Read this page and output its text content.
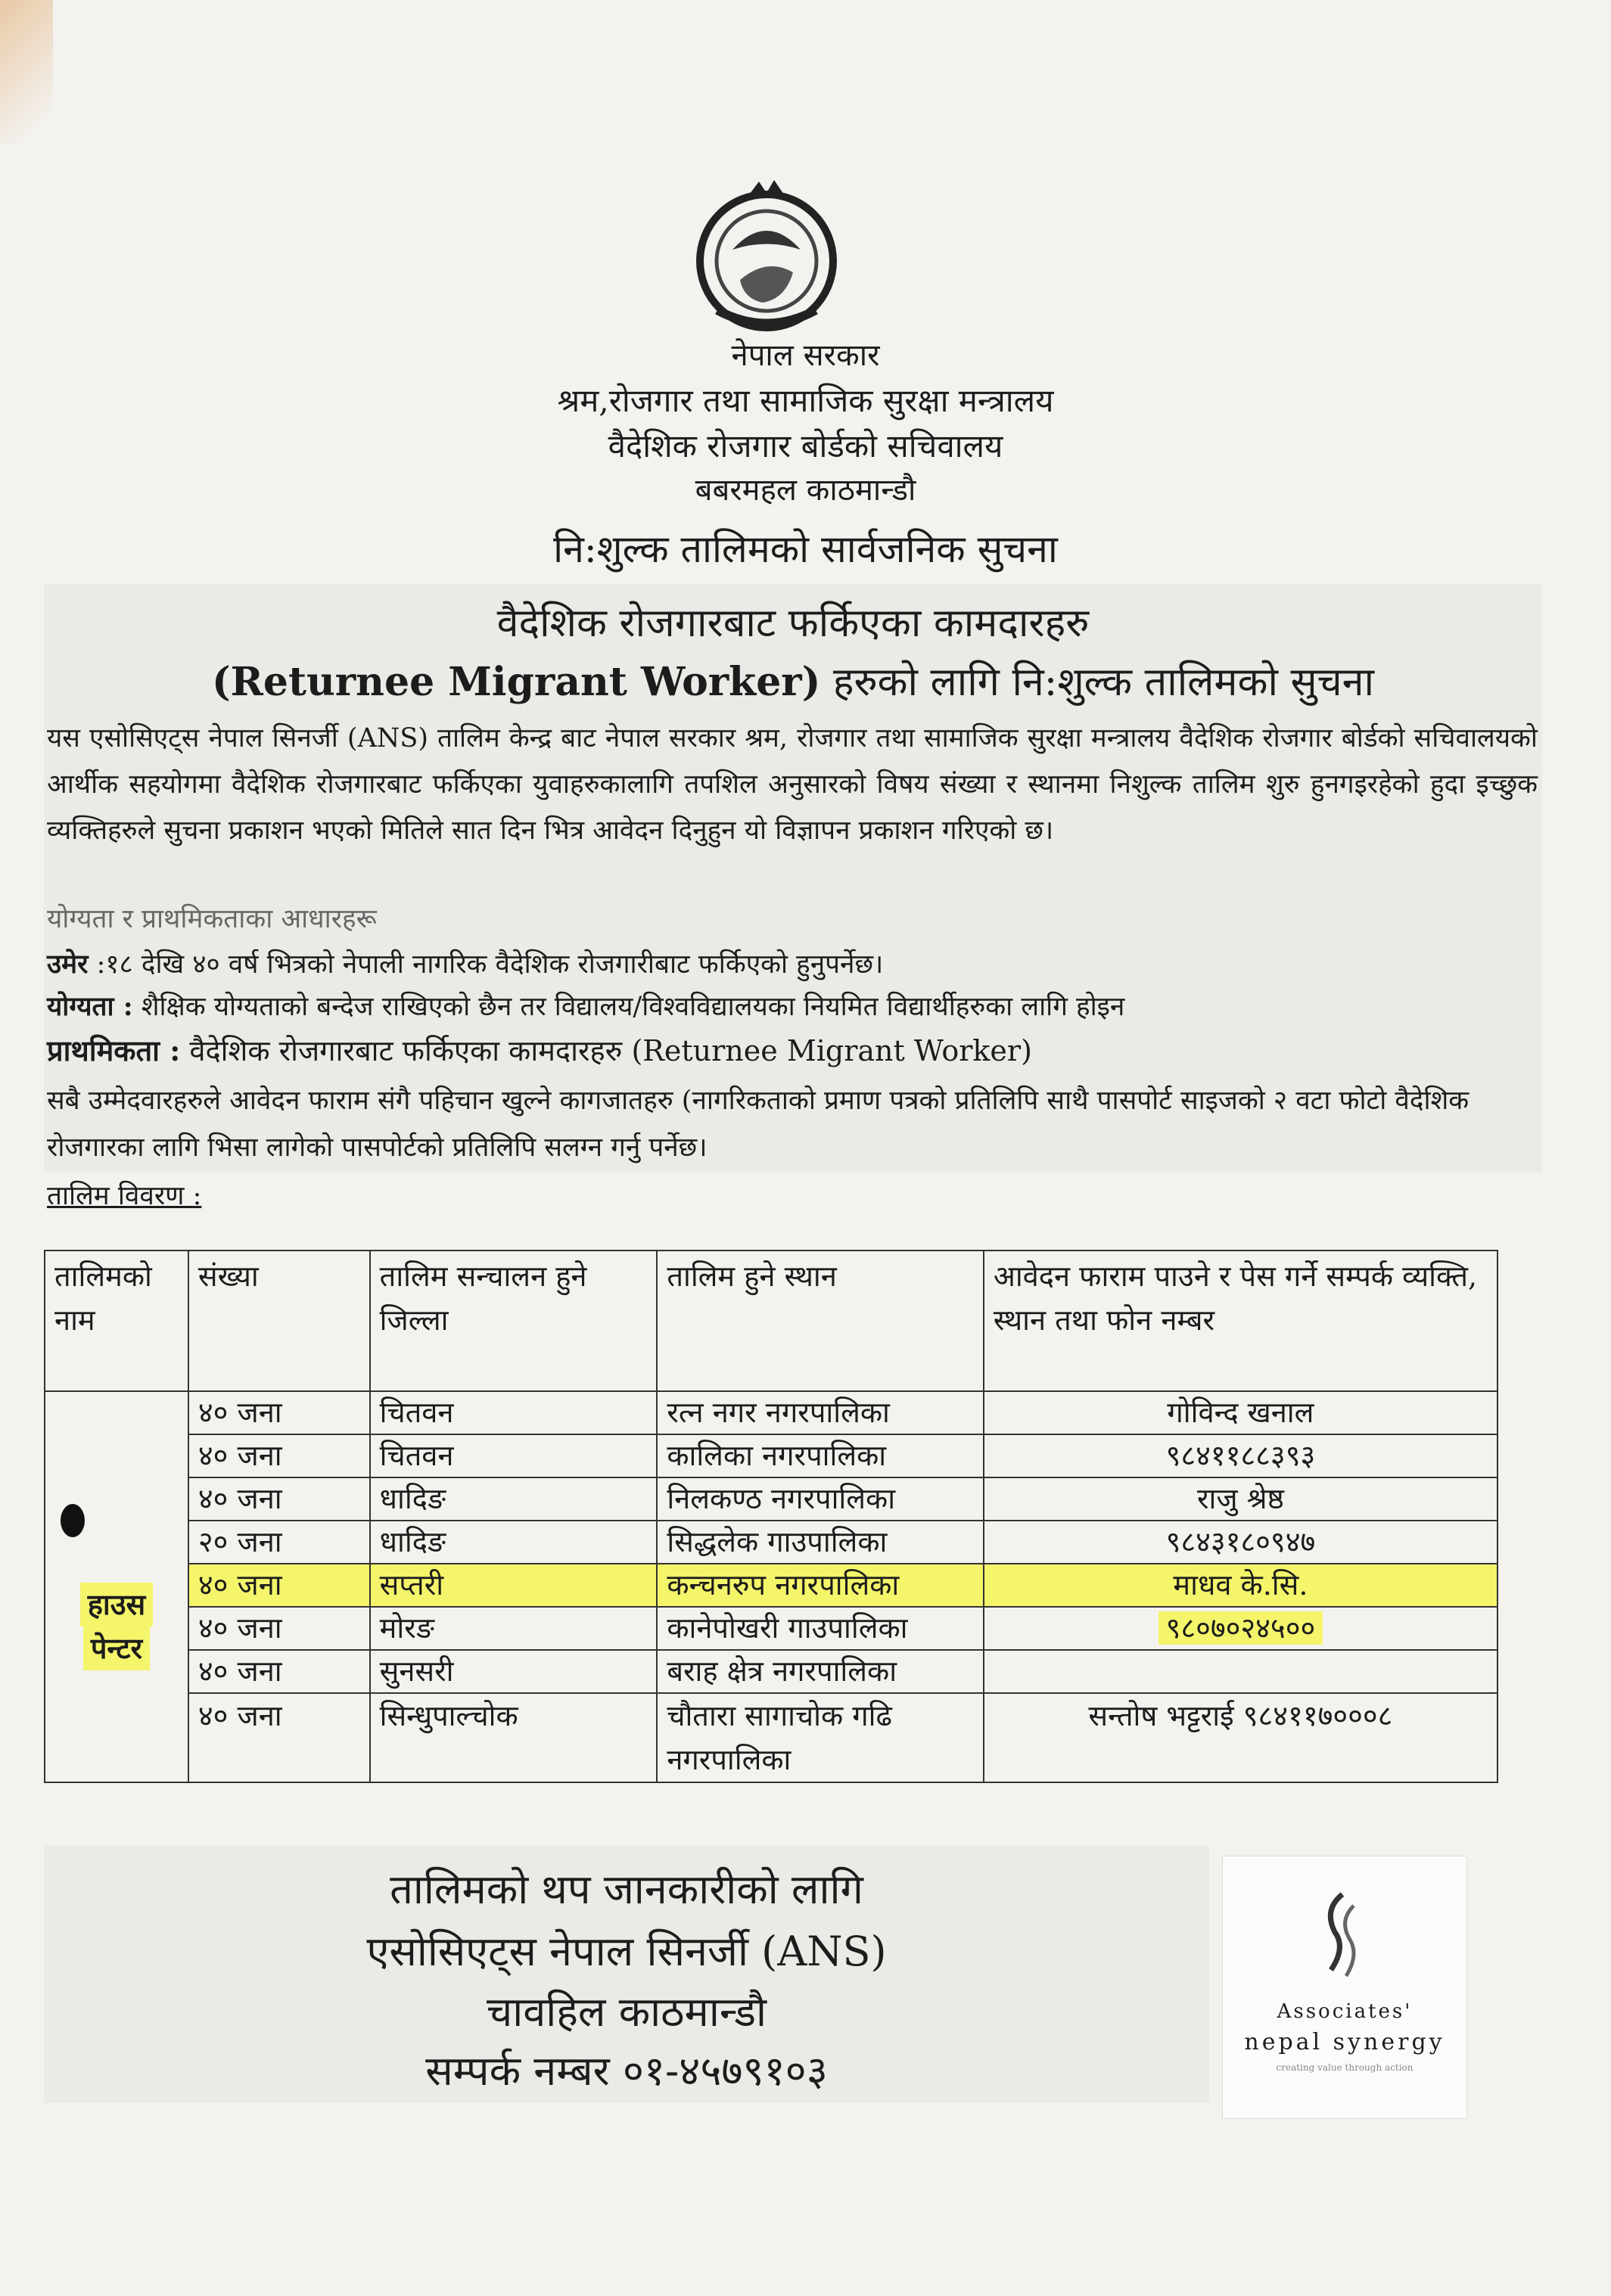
नेपाल सरकार
श्रम,रोजगार तथा सामाजिक सुरक्षा मन्त्रालय
वैदेशिक रोजगार बोर्डको सचिवालय
बबरमहल काठमान्डौ
नि:शुल्क तालिमको सार्वजनिक सुचना
वैदेशिक रोजगारबाट फर्किएका कामदारहरु
(Returnee Migrant Worker) हरुको लागि नि:शुल्क तालिमको सुचना
यस एसोसिएट्स नेपाल सिनर्जी (ANS) तालिम केन्द्र बाट नेपाल सरकार श्रम, रोजगार तथा सामाजिक सुरक्षा मन्त्रालय वैदेशिक रोजगार बोर्डको सचिवालयको आर्थीक सहयोगमा वैदेशिक रोजगारबाट फर्किएका युवाहरुकालागि तपशिल अनुसारको विषय संख्या र स्थानमा निशुल्क तालिम शुरु हुनगइरहेको हुदा इच्छुक व्यक्तिहरुले सुचना प्रकाशन भएको मितिले सात दिन भित्र आवेदन दिनुहुन यो विज्ञापन प्रकाशन गरिएको छ।
योग्यता र प्राथमिकताका आधारहरू
उमेर :१८ देखि ४० वर्ष भित्रको नेपाली नागरिक वैदेशिक रोजगारीबाट फर्किएको हुनुपर्नेछ।
योग्यता : शैक्षिक योग्यताको बन्देज राखिएको छैन तर विद्यालय/विश्वविद्यालयका नियमित विद्यार्थीहरुका लागि होइन
प्राथमिकता : वैदेशिक रोजगारबाट फर्किएका कामदारहरु (Returnee Migrant Worker)
सबै उम्मेदवारहरुले आवेदन फाराम संगै पहिचान खुल्ने कागजातहरु (नागरिकताको प्रमाण पत्रको प्रतिलिपि साथै पासपोर्ट साइजको २ वटा फोटो वैदेशिक रोजगारका लागि भिसा लागेको पासपोर्टको प्रतिलिपि सलग्न गर्नु पर्नेछ।
तालिम विवरण :
तालिमको नाम	संख्या	तालिम सन्चालन हुने जिल्ला	तालिम हुने स्थान	आवेदन फाराम पाउने र पेस गर्ने सम्पर्क व्यक्ति, स्थान तथा फोन नम्बर

हाउस
पेन्टर	४० जना	चितवन	रत्न नगर नगरपालिका	गोविन्द खनाल
	४० जना	चितवन	कालिका नगरपालिका	९८४११८८३९३
	४० जना	धादिङ	निलकण्ठ नगरपालिका	राजु श्रेष्ठ
	२० जना	धादिङ	सिद्धलेक गाउपालिका	९८४३१८०९४७
	४० जना	सप्तरी	कन्चनरुप नगरपालिका	माधव के.सि.
	४० जना	मोरङ	कानेपोखरी गाउपालिका	९८०७०२४५००
	४० जना	सुनसरी	बराह क्षेत्र नगरपालिका	
	४० जना	सिन्धुपाल्चोक	चौतारा सागाचोक गढि नगरपालिका	सन्तोष भट्टराई ९८४११७०००८
तालिमको थप जानकारीको लागि
एसोसिएट्स नेपाल सिनर्जी (ANS)
चावहिल काठमान्डौ
सम्पर्क नम्बर ०१-४५७९१०३
Associates'
nepal synergy
creating value through action
